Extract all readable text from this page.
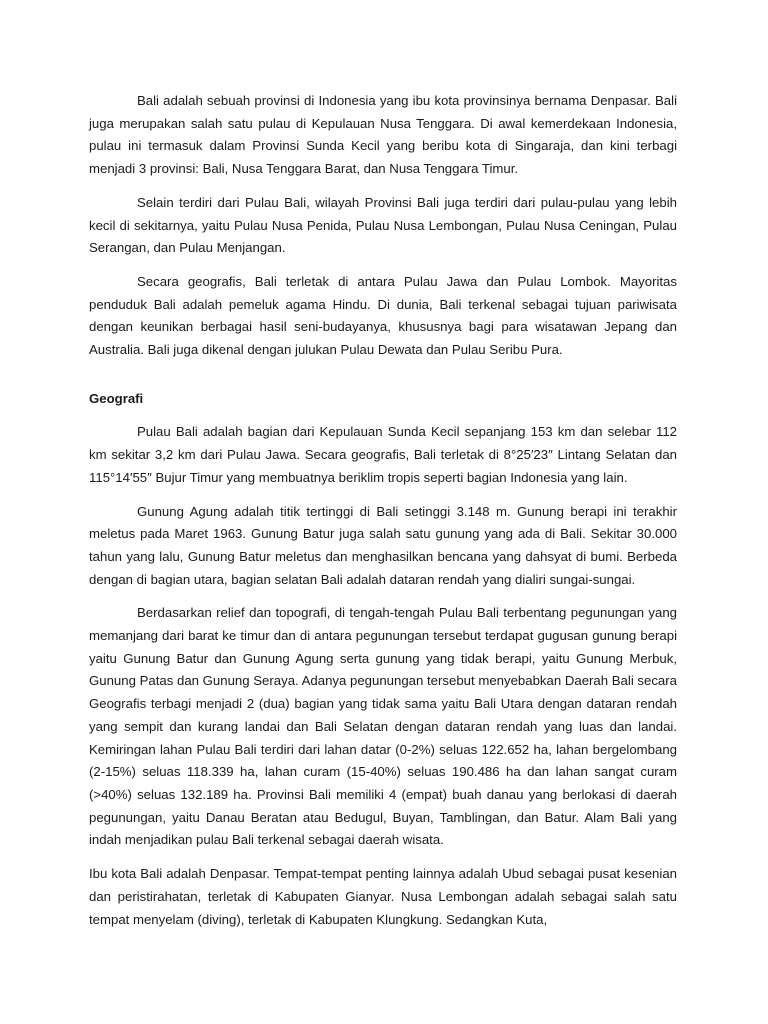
Bali adalah sebuah provinsi di Indonesia yang ibu kota provinsinya bernama Denpasar. Bali juga merupakan salah satu pulau di Kepulauan Nusa Tenggara. Di awal kemerdekaan Indonesia, pulau ini termasuk dalam Provinsi Sunda Kecil yang beribu kota di Singaraja, dan kini terbagi menjadi 3 provinsi: Bali, Nusa Tenggara Barat, dan Nusa Tenggara Timur.

Selain terdiri dari Pulau Bali, wilayah Provinsi Bali juga terdiri dari pulau-pulau yang lebih kecil di sekitarnya, yaitu Pulau Nusa Penida, Pulau Nusa Lembongan, Pulau Nusa Ceningan, Pulau Serangan, dan Pulau Menjangan.

Secara geografis, Bali terletak di antara Pulau Jawa dan Pulau Lombok. Mayoritas penduduk Bali adalah pemeluk agama Hindu. Di dunia, Bali terkenal sebagai tujuan pariwisata dengan keunikan berbagai hasil seni-budayanya, khususnya bagi para wisatawan Jepang dan Australia. Bali juga dikenal dengan julukan Pulau Dewata dan Pulau Seribu Pura.

Geografi

Pulau Bali adalah bagian dari Kepulauan Sunda Kecil sepanjang 153 km dan selebar 112 km sekitar 3,2 km dari Pulau Jawa. Secara geografis, Bali terletak di 8°25′23″ Lintang Selatan dan 115°14′55″ Bujur Timur yang membuatnya beriklim tropis seperti bagian Indonesia yang lain.

Gunung Agung adalah titik tertinggi di Bali setinggi 3.148 m. Gunung berapi ini terakhir meletus pada Maret 1963. Gunung Batur juga salah satu gunung yang ada di Bali. Sekitar 30.000 tahun yang lalu, Gunung Batur meletus dan menghasilkan bencana yang dahsyat di bumi. Berbeda dengan di bagian utara, bagian selatan Bali adalah dataran rendah yang dialiri sungai-sungai.

Berdasarkan relief dan topografi, di tengah-tengah Pulau Bali terbentang pegunungan yang memanjang dari barat ke timur dan di antara pegunungan tersebut terdapat gugusan gunung berapi yaitu Gunung Batur dan Gunung Agung serta gunung yang tidak berapi, yaitu Gunung Merbuk, Gunung Patas dan Gunung Seraya. Adanya pegunungan tersebut menyebabkan Daerah Bali secara Geografis terbagi menjadi 2 (dua) bagian yang tidak sama yaitu Bali Utara dengan dataran rendah yang sempit dan kurang landai dan Bali Selatan dengan dataran rendah yang luas dan landai. Kemiringan lahan Pulau Bali terdiri dari lahan datar (0-2%) seluas 122.652 ha, lahan bergelombang (2-15%) seluas 118.339 ha, lahan curam (15-40%) seluas 190.486 ha dan lahan sangat curam (>40%) seluas 132.189 ha. Provinsi Bali memiliki 4 (empat) buah danau yang berlokasi di daerah pegunungan, yaitu Danau Beratan atau Bedugul, Buyan, Tamblingan, dan Batur. Alam Bali yang indah menjadikan pulau Bali terkenal sebagai daerah wisata.

Ibu kota Bali adalah Denpasar. Tempat-tempat penting lainnya adalah Ubud sebagai pusat kesenian dan peristirahatan, terletak di Kabupaten Gianyar. Nusa Lembongan adalah sebagai salah satu tempat menyelam (diving), terletak di Kabupaten Klungkung. Sedangkan Kuta,
